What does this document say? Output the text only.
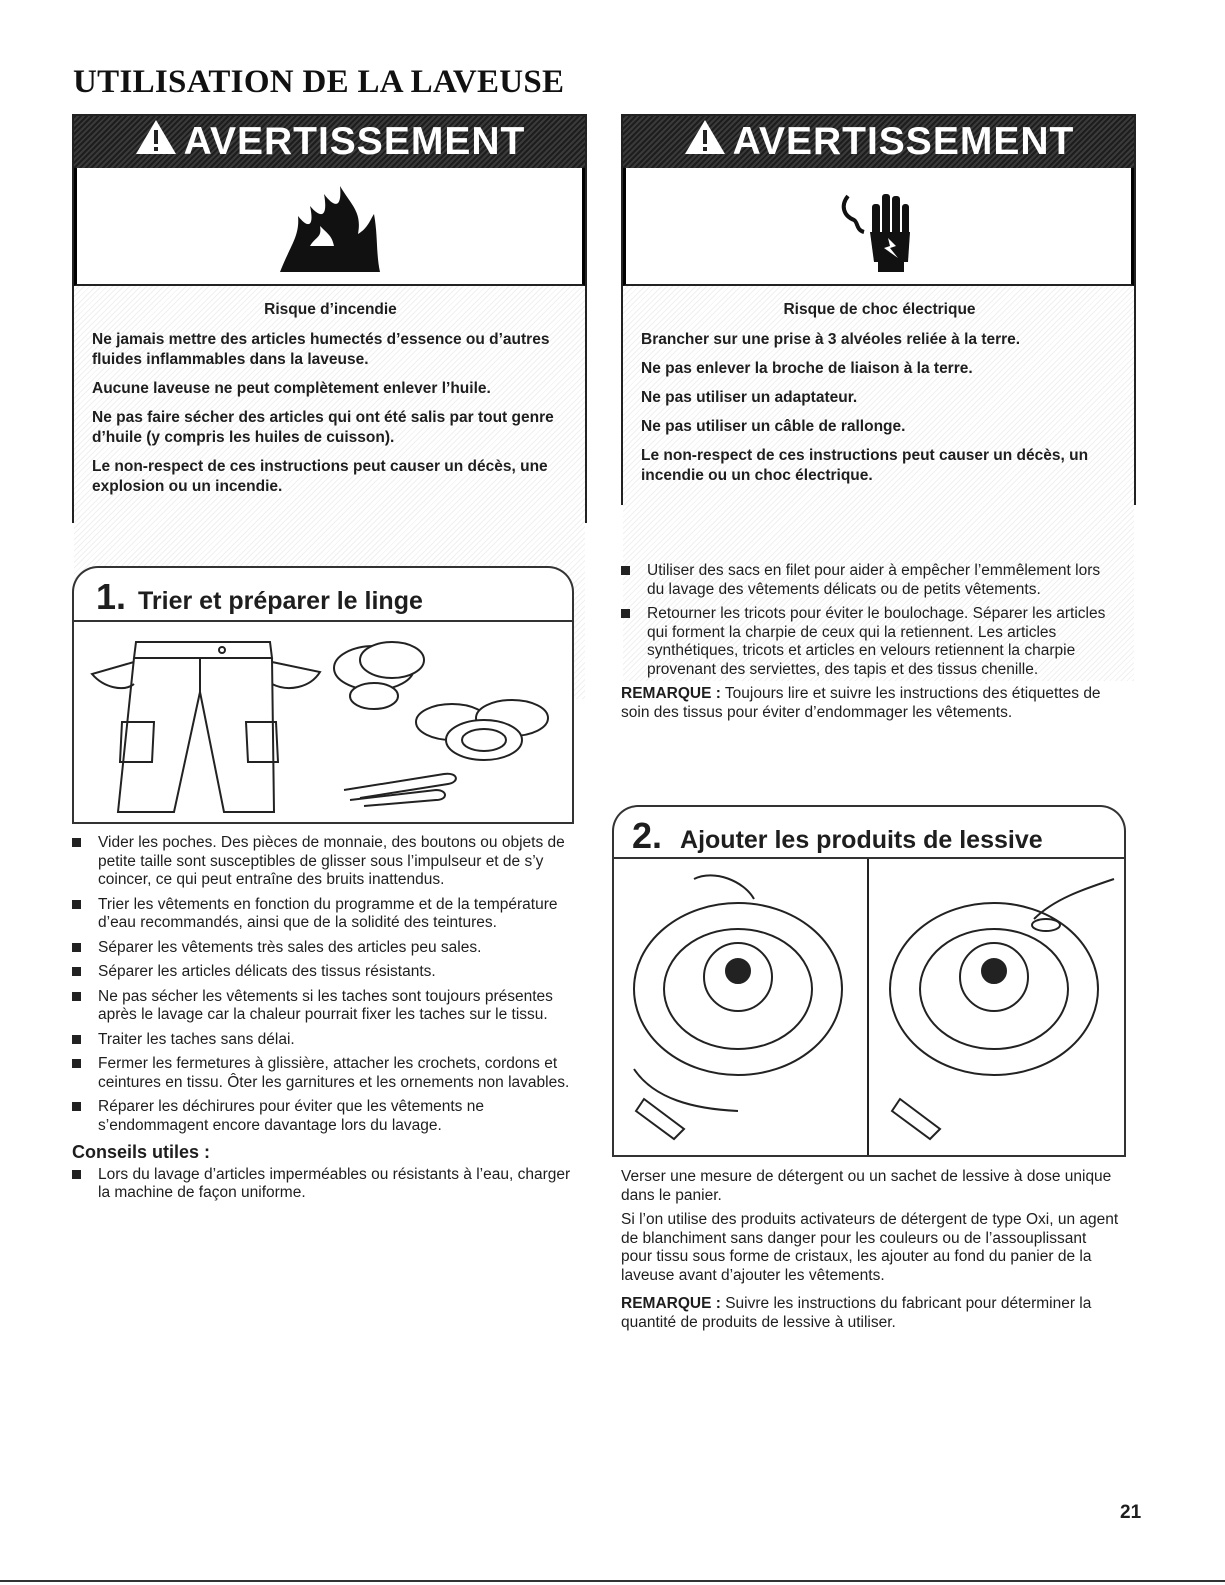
UTILISATION DE LA LAVEUSE
AVERTISSEMENT
Risque d’incendie

Ne jamais mettre des articles humectés d’essence ou d’autres fluides inflammables dans la laveuse.

Aucune laveuse ne peut complètement enlever l’huile.

Ne pas faire sécher des articles qui ont été salis par tout genre d’huile (y compris les huiles de cuisson).

Le non-respect de ces instructions peut causer un décès, une explosion ou un incendie.

AVERTISSEMENT
Risque de choc électrique

Brancher sur une prise à 3 alvéoles reliée à la terre.

Ne pas enlever la broche de liaison à la terre.

Ne pas utiliser un adaptateur.

Ne pas utiliser un câble de rallonge.

Le non-respect de ces instructions peut causer un décès, un incendie ou un choc électrique.

1. Trier et préparer le linge
Vider les poches. Des pièces de monnaie, des boutons ou objets de petite taille sont susceptibles de glisser sous l’impulseur et de s’y coincer, ce qui peut entraîne des bruits inattendus.
Trier les vêtements en fonction du programme et de la température d’eau recommandés, ainsi que de la solidité des teintures.
Séparer les vêtements très sales des articles peu sales.
Séparer les articles délicats des tissus résistants.
Ne pas sécher les vêtements si les taches sont toujours présentes après le lavage car la chaleur pourrait fixer les taches sur le tissu.
Traiter les taches sans délai.
Fermer les fermetures à glissière, attacher les crochets, cordons et ceintures en tissu. Ôter les garnitures et les ornements non lavables.
Réparer les déchirures pour éviter que les vêtements ne s’endommagent encore davantage lors du lavage.
Conseils utiles :
Lors du lavage d’articles imperméables ou résistants à l’eau, charger la machine de façon uniforme.
Utiliser des sacs en filet pour aider à empêcher l’emmêlement lors du lavage des vêtements délicats ou de petits vêtements.
Retourner les tricots pour éviter le boulochage. Séparer les articles qui forment la charpie de ceux qui la retiennent. Les articles synthétiques, tricots et articles en velours retiennent la charpie provenant des serviettes, des tapis et des tissus chenille.

REMARQUE : Toujours lire et suivre les instructions des étiquettes de soin des tissus pour éviter d’endommager les vêtements.

2. Ajouter les produits de lessive

Verser une mesure de détergent ou un sachet de lessive à dose unique dans le panier.

Si l’on utilise des produits activateurs de détergent de type Oxi, un agent de blanchiment sans danger pour les couleurs ou de l’assouplissant pour tissu sous forme de cristaux, les ajouter au fond du panier de la laveuse avant d’ajouter les vêtements.

REMARQUE : Suivre les instructions du fabricant pour déterminer la quantité de produits de lessive à utiliser.

21
